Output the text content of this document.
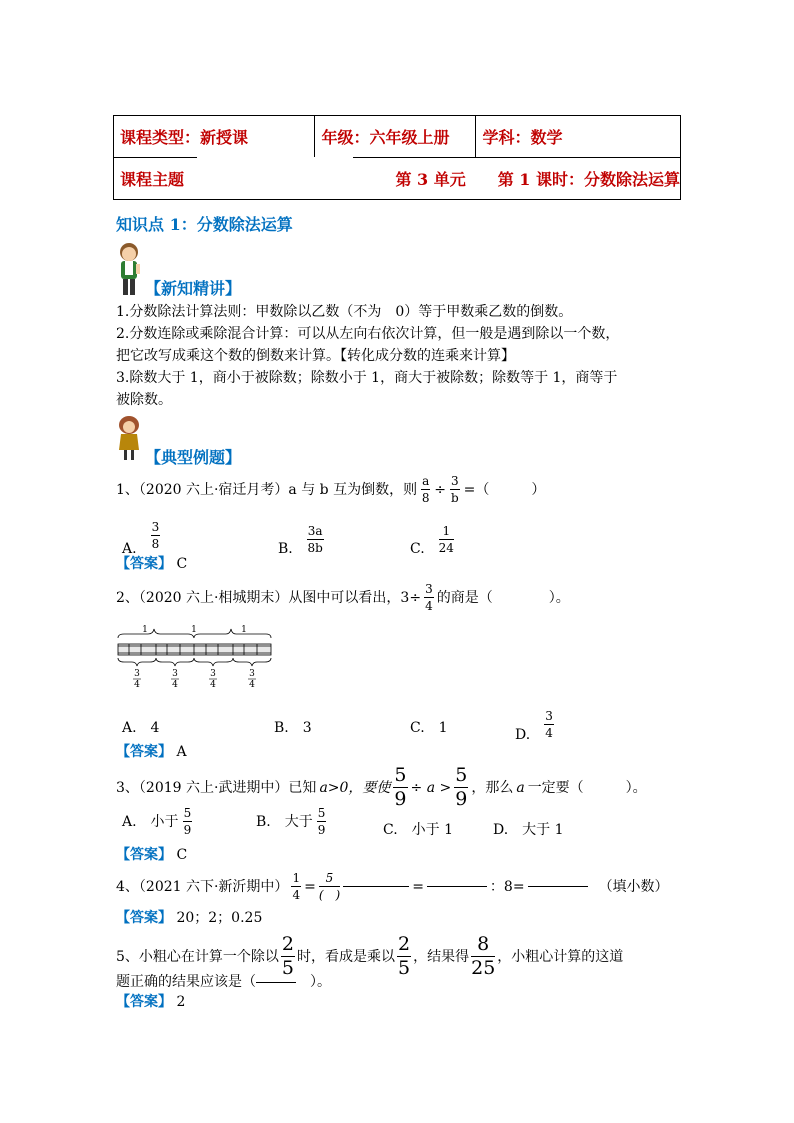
课程类型：新授课	年级：六年级上册	学科：数学
课程主题	第 3 单元　　第 1 课时：分数除法运算	
知识点 1：分数除法运算
【新知精讲】
1.分数除法计算法则：甲数除以乙数（不为　0）等于甲数乘乙数的倒数。
2.分数连除或乘除混合计算：可以从左向右依次计算，但一般是遇到除以一个数，
把它改写成乘这个数的倒数来计算。【转化成分数的连乘来计算】
3.除数大于 1，商小于被除数；除数小于 1，商大于被除数；除数等于 1，商等于
被除数。
【典型例题】
1、（2020 六上·宿迁月考）a 与 b 互为倒数，则 $\frac{a}{8} \div \frac{3}{b}$ =（　　　）
A. $\frac{3}{8}$	B. $\frac{3a}{8b}$	C. $\frac{1}{24}$
【答案】 C
2、（2020 六上·相城期末）从图中可以看出，$3\div \frac{3}{4}$ 的商是（　　　　）。
1	1	1
3
4
3
4
3
4
3
4
A.　4	B.　3	C.　1	D. $\frac{3}{4}$
【答案】 A
3、（2019 六上·武进期中）已知 a>0，要使 $\frac{5}{9} \div a > \frac{5}{9}$ ，那么 a 一定要（　　　）。
A.　小于 $\frac{5}{9}$	B.　大于 $\frac{5}{9}$	C.　小于 1	D.　大于 1
【答案】 C
4、（2021 六下·新沂期中） $\frac{1}{4} = \frac{5}{( )}$	=	：8=	（填小数）
【答案】 20；2；0.25
5、小粗心在计算一个除以 $\frac{2}{5}$ 时，看成是乘以 $\frac{2}{5}$ ，结果得 $\frac{8}{25}$ ，小粗心计算的这道
题正确的结果应该是（	　）。
【答案】 2
